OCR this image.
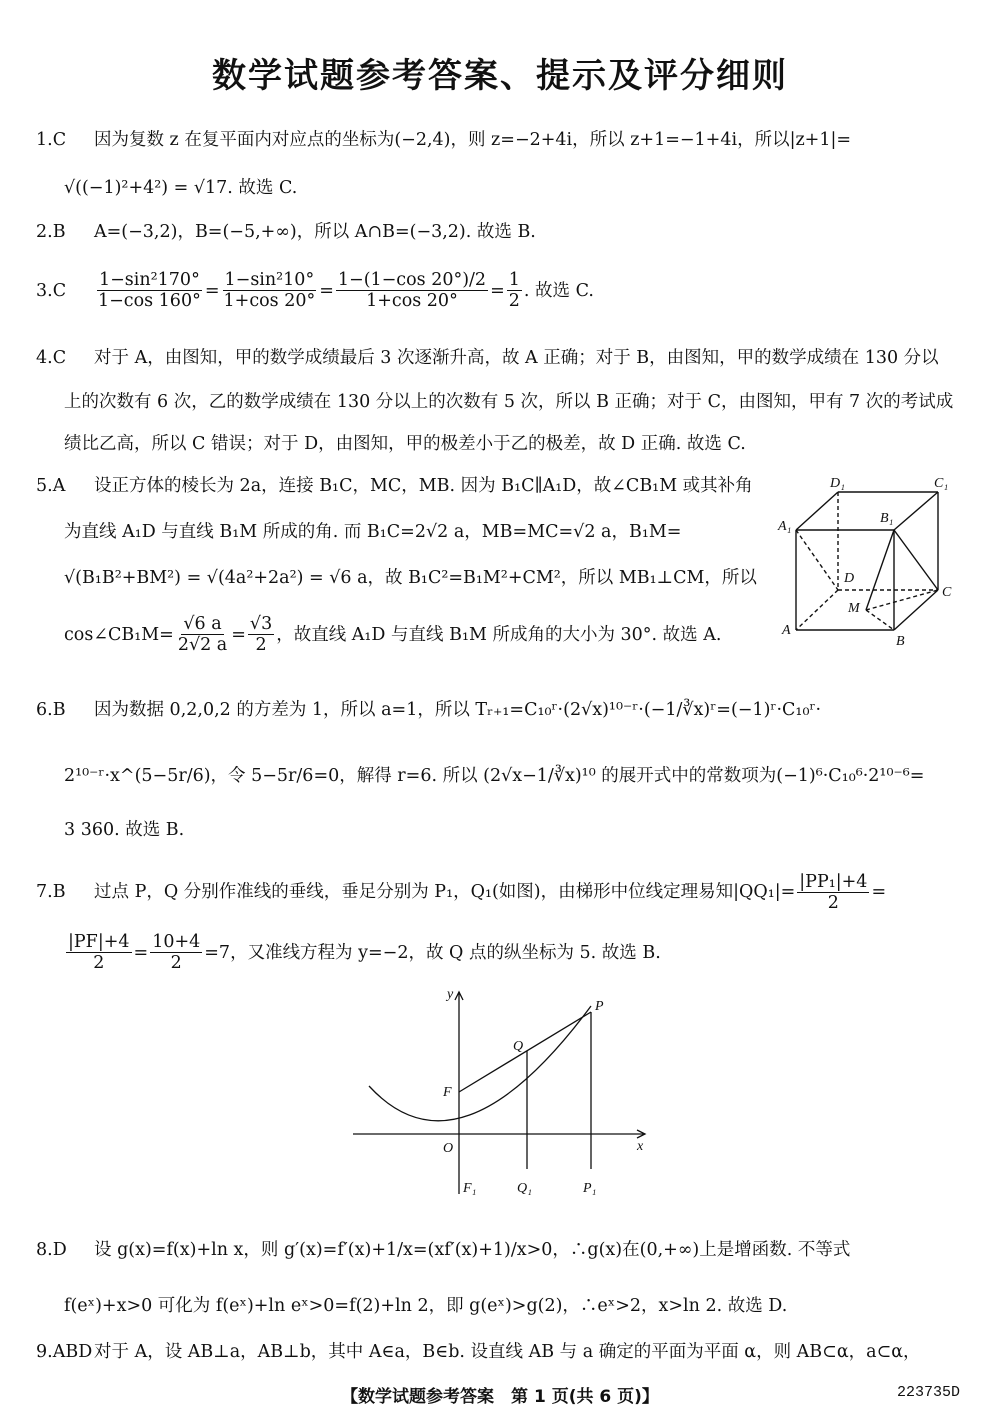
数学试题参考答案、提示及评分细则
1.C 因为复数 z 在复平面内对应点的坐标为(−2,4)，则 z=−2+4i，所以 z+1=−1+4i，所以|z+1|=
√((−1)²+4²) = √17. 故选 C.
2.B A=(−3,2)，B=(−5,+∞)，所以 A∩B=(−3,2). 故选 B.
3.C	$\frac{\text{1−sin²170°}}{1-\cos 160^\circ} = \frac{\text{1−sin²10°}}{1+\cos 20^\circ} = \frac{1-(1-\cos 20^\circ)/2}{1+\cos 20^\circ} = \frac{1}{2}$ . 故选 C.
4.C 对于 A，由图知，甲的数学成绩最后 3 次逐渐升高，故 A 正确；对于 B，由图知，甲的数学成绩在 130 分以
上的次数有 6 次，乙的数学成绩在 130 分以上的次数有 5 次，所以 B 正确；对于 C，由图知，甲有 7 次的考试成
绩比乙高，所以 C 错误；对于 D，由图知，甲的极差小于乙的极差，故 D 正确. 故选 C.
5.A 设正方体的棱长为 2a，连接 B₁C，MC，MB. 因为 B₁C∥A₁D，故∠CB₁M 或其补角
为直线 A₁D 与直线 B₁M 所成的角. 而 B₁C=2√2 a，MB=MC=√2 a，B₁M=
√(B₁B²+BM²) = √(4a²+2a²) = √6 a，故 B₁C²=B₁M²+CM²，所以 MB₁⊥CM，所以
cos∠CB₁M= $\frac{√6 a}{2√2 a} = \frac{√3}{2}$ ，故直线 A₁D 与直线 B₁M 所成角的大小为 30°. 故选 A.
D₁	C₁
A₁
B₁
D
M
C
A
B
6.B 因为数据 0,2,0,2 的方差为 1，所以 a=1，所以 Tᵣ₊₁=C₁₀ʳ·(2√x)¹⁰⁻ʳ·(−1/∛x)ʳ=(−1)ʳ·C₁₀ʳ·
2¹⁰⁻ʳ·x^(5−5r/6)，令 5−5r/6=0，解得 r=6. 所以 (2√x−1/∛x)¹⁰ 的展开式中的常数项为(−1)⁶·C₁₀⁶·2¹⁰⁻⁶=
3 360. 故选 B.
7.B 过点 P，Q 分别作准线的垂线，垂足分别为 P₁，Q₁(如图)，由梯形中位线定理易知$|QQ_1|= \frac{\text{|PP₁|+4}}{2}$ =
$\frac{|PF|+4}{2} = \frac{10+4}{2} =7$，又准线方程为 y=−2，故 Q 点的纵坐标为 5. 故选 B.
y
x
O
F
Q
P
F₁	Q₁	P₁
8.D 设 g(x)=f(x)+ln x，则 g′(x)=f′(x)+1/x=(xf′(x)+1)/x>0，∴g(x)在(0,+∞)上是增函数. 不等式
f(eˣ)+x>0 可化为 f(eˣ)+ln eˣ>0=f(2)+ln 2，即 g(eˣ)>g(2)，∴eˣ>2，x>ln 2. 故选 D.
9.ABD 对于 A，设 AB⊥a，AB⊥b，其中 A∈a，B∈b. 设直线 AB 与 a 确定的平面为平面 α，则 AB⊂α，a⊂α，
【数学试题参考答案　第 1 页(共 6 页)】	223735D
